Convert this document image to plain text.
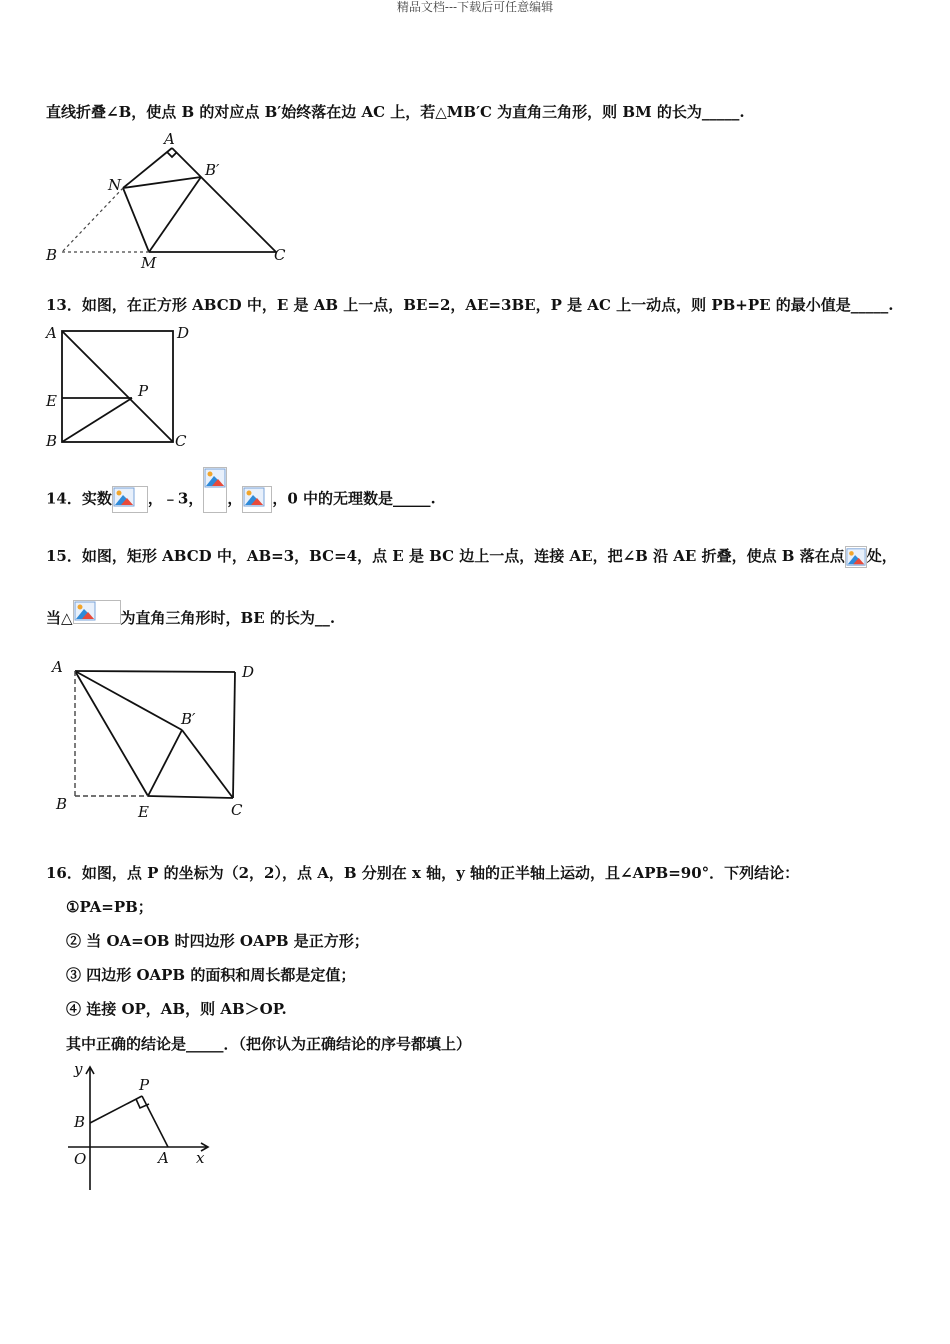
精品文档---下载后可任意编辑
直线折叠∠B，使点 B 的对应点 B′始终落在边 AC 上，若△MB′C 为直角三角形，则 BM 的长为_____.
A
B′
N
B	M	C
13．如图，在正方形 ABCD 中，E 是 AB 上一点，BE=2，AE=3BE，P 是 AC 上一动点，则 PB+PE 的最小值是_____.
A	D
E
P
B	C
14．实数 ，﹣3， ， ，0 中的无理数是_____.
15．如图，矩形 ABCD 中，AB=3，BC=4，点 E 是 BC 边上一点，连接 AE，把∠B 沿 AE 折叠，使点 B 落在点 处，
当△	为直角三角形时，BE 的长为__.
A	D
B′
B	E	C
16．如图，点 P 的坐标为（2，2），点 A，B 分别在 x 轴，y 轴的正半轴上运动，且∠APB=90°．下列结论：
①PA=PB；
② 当 OA=OB 时四边形 OAPB 是正方形；
③ 四边形 OAPB 的面积和周长都是定值；
④ 连接 OP，AB，则 AB＞OP.
其中正确的结论是_____．（把你认为正确结论的序号都填上）
y
P
B
O	A x
